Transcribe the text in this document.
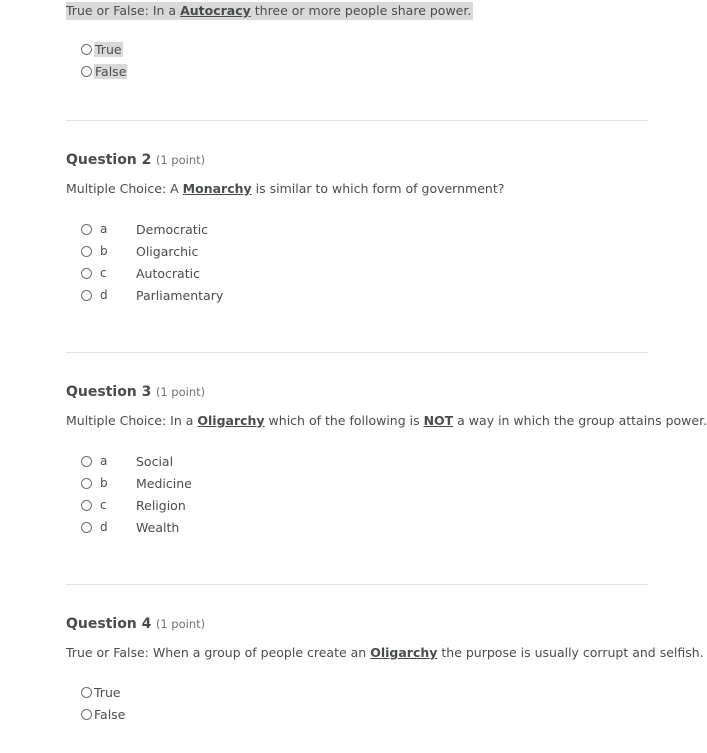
True or False: In a Autocracy three or more people share power.
True
False
Question 2 (1 point)
Multiple Choice: A Monarchy is similar to which form of government?
a	Democratic
b	Oligarchic
c	Autocratic
d	Parliamentary
Question 3 (1 point)
Multiple Choice: In a Oligarchy which of the following is NOT a way in which the group attains power.
a	Social
b	Medicine
c	Religion
d	Wealth
Question 4 (1 point)
True or False: When a group of people create an Oligarchy the purpose is usually corrupt and selfish.
True
False
